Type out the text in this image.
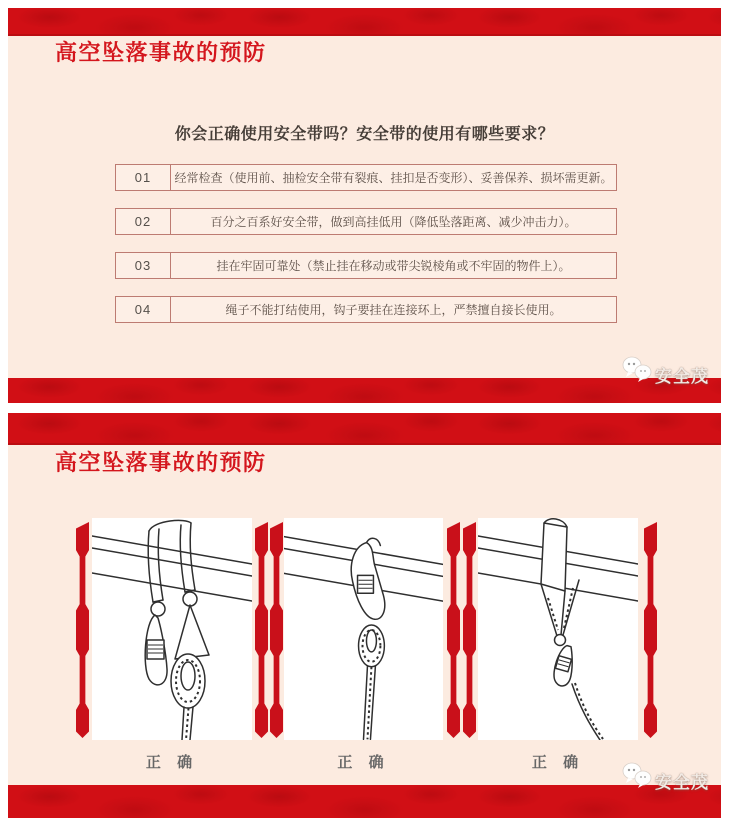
高空坠落事故的预防
你会正确使用安全带吗？安全带的使用有哪些要求？
01	经常检查（使用前、抽检安全带有裂痕、挂扣是否变形）、妥善保养、损坏需更新。
02	百分之百系好安全带，做到高挂低用（降低坠落距离、减少冲击力）。
03	挂在牢固可靠处（禁止挂在移动或带尖锐棱角或不牢固的物件上）。
04	绳子不能打结使用，钩子要挂在连接环上，严禁擅自接长使用。
安全茂
高空坠落事故的预防
正 确	正 确	正 确
安全茂
